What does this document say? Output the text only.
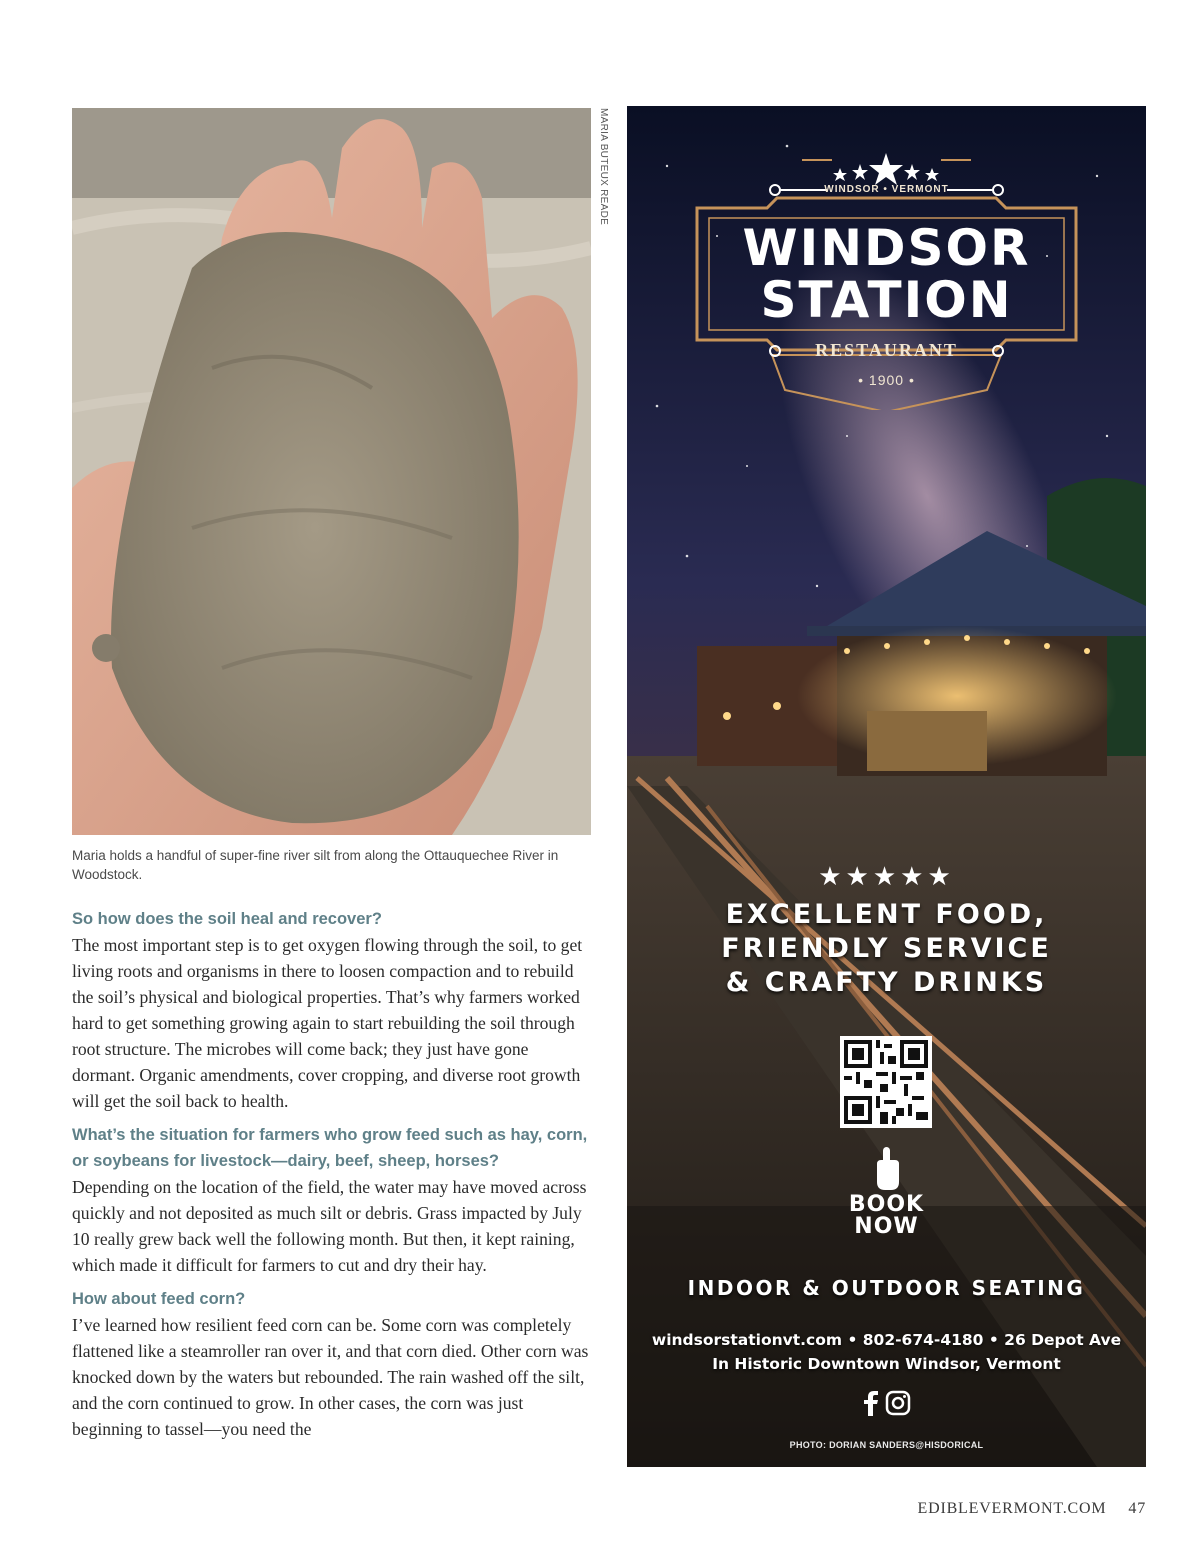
MARIA BUTEUX READE
Maria holds a handful of super-fine river silt from along the Ottauquechee River in Woodstock.
So how does the soil heal and recover?

The most important step is to get oxygen flowing through the soil, to get living roots and organisms in there to loosen compaction and to rebuild the soil’s physical and biological properties. That’s why farmers worked hard to get something growing again to start rebuilding the soil through root structure. The microbes will come back; they just have gone dormant. Organic amendments, cover cropping, and diverse root growth will get the soil back to health.

What’s the situation for farmers who grow feed such as hay, corn, or soybeans for livestock—dairy, beef, sheep, horses?

Depending on the location of the field, the water may have moved across quickly and not deposited as much silt or debris. Grass impacted by July 10 really grew back well the following month. But then, it kept raining, which made it difficult for farmers to cut and dry their hay.

How about feed corn?

I’ve learned how resilient feed corn can be. Some corn was completely flattened like a steamroller ran over it, and that corn died. Other corn was knocked down by the waters but rebounded. The rain washed off the silt, and the corn continued to grow. In other cases, the corn was just beginning to tassel—you need the

WINDSOR • VERMONT
WINDSOR
STATION
RESTAURANT
• 1900 •
★★★★★
EXCELLENT FOOD,
FRIENDLY SERVICE
& CRAFTY DRINKS
BOOK
NOW
INDOOR & OUTDOOR SEATING
windsorstationvt.com • 802-674-4180 • 26 Depot Ave
In Historic Downtown Windsor, Vermont
PHOTO: DORIAN SANDERS@HISDORICAL
EDIBLEVERMONT.COM 47
